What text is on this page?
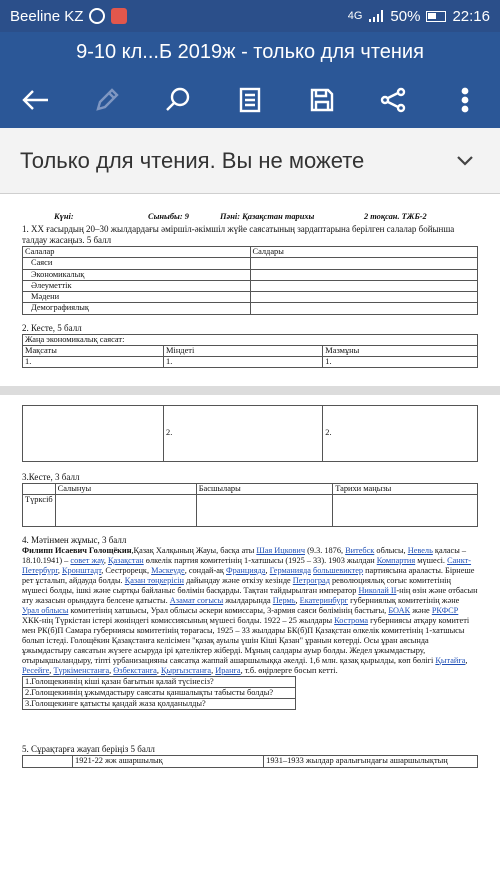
Beeline KZ	4G 50% 22:16
9-10 кл...Б 2019ж - только для чтения
Только для чтения. Вы не можете
Күні:	Сыныбы: 9	Пәні: Қазақстан тарихы	2 тоқсан. ТЖБ-2
1. XX ғасырдың 20–30 жылдардағы әміршіл-әкімшіл жүйе саясатының зардаптарына берілген салалар бойынша талдау жасаңыз. 5 балл
Салалар	Салдары
Саяси	
Экономикалық	
Әлеуметтік	
Мәдени	
Демографиялық	
2. Кесте, 5 балл
Жаңа экономикалық саясат:		
Мақсаты	Міндеті	Мазмұны
1.	1.	1.
	2.	2.
3.Кесте, 3 балл
	Салынуы	Басшылары	Тарихи маңызы
Түрксіб			
4. Мәтінмен жұмыс, 3 балл
Филипп Исаевич Голощёкин,Қазақ Халқының Жауы, басқа аты Шая Ицкович (9.3. 1876, Витебск облысы, Невель қаласы – 18.10.1941) – совет жау, Қазақстан өлкелік партия комитетінің 1-хатшысы (1925 – 33). 1903 жылдан Компартия мүшесі. Санкт-Петербург, Кронштадт, Сестрорецк, Мәскеуде, сондай-ақ Францияда, Германияда большевиктер партиясына араласты. Бірнеше рет ұсталып, айдауда болды. Қазан төңкерісін дайындау және өткізу кезінде Петроград революциялық соғыс комитетінің мүшесі болды, ішкі және сыртқы байланыс бөлімін басқарды. Тақтан тайдырылған император Николай II-нің өзін және отбасын ату жазасын орындауға белсене қатысты. Азамат соғысы жылдарында Пермь, Екатеринбург губерниялық комитетінің және Урал облысы комитетінің хатшысы, Урал облысы әскери комиссары, 3-армия саяси бөлімінің бастығы, БОАК және РКФСР ХКК-нің Түркістан істері жөніндегі комиссиясының мүшесі болды. 1922 – 25 жылдары Кострома губерниясы атқару комитеті мен РК(б)П Самара губерниясы комитетінің төрағасы, 1925 – 33 жылдары БК(б)П Қазақстан өлкелік комитетінің 1-хатшысы болып істеді. Голощёкин Қазақстанға келісімен "қазақ ауылы үшін Кіші Қазан" ұранын көтерді. Осы ұран аясында ұжымдастыру саясатын жүзеге асыруда ірі қателіктер жіберді. Мұның салдары ауыр болды. Жедел ұжымдастыру, отырықшыландыру, тіпті урбанизацияны саясатқа жаппай ашаршылыққа әкелді. 1,6 млн. қазақ қырылды, көп бөлігі Қытайға, Ресейге, Түркіменстанға, Өзбекстанға, Қырғызстанға, Иранға, т.б. өңірлерге босып кетті.
1.Голощекиннің кіші қазан бағытын қалай түсінесіз?
2.Голощекиннің ұжымдастыру саясаты қаншалықты табысты болды?
3.Голощекинге қатысты қандай жаза қолданылды?
5. Сұрақтарға жауап беріңіз 5 балл
	1921-22 жж ашаршылық	1931–1933 жылдар аралығындағы ашаршылықтың
